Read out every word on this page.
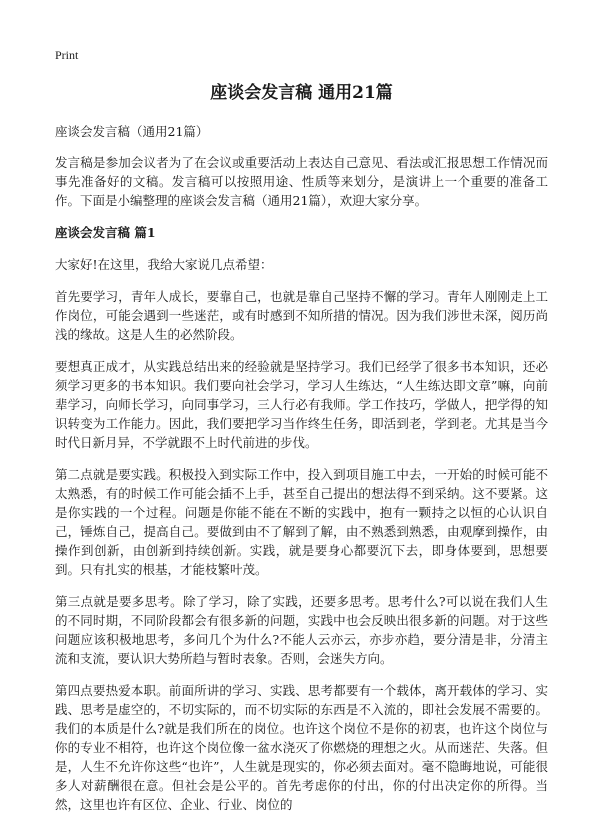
Print
座谈会发言稿 通用21篇

座谈会发言稿（通用21篇）

发言稿是参加会议者为了在会议或重要活动上表达自己意见、看法或汇报思想工作情况而事先准备好的文稿。发言稿可以按照用途、性质等来划分，是演讲上一个重要的准备工作。下面是小编整理的座谈会发言稿（通用21篇），欢迎大家分享。

座谈会发言稿 篇1

大家好!在这里，我给大家说几点希望：

首先要学习，青年人成长，要靠自己，也就是靠自己坚持不懈的学习。青年人刚刚走上工作岗位，可能会遇到一些迷茫，或有时感到不知所措的情况。因为我们涉世未深，阅历尚浅的缘故。这是人生的必然阶段。

要想真正成才，从实践总结出来的经验就是坚持学习。我们已经学了很多书本知识，还必须学习更多的书本知识。我们要向社会学习，学习人生练达，“人生练达即文章”嘛，向前辈学习，向师长学习，向同事学习，三人行必有我师。学工作技巧，学做人，把学得的知识转变为工作能力。因此，我们要把学习当作终生任务，即活到老，学到老。尤其是当今时代日新月异，不学就跟不上时代前进的步伐。

第二点就是要实践。积极投入到实际工作中，投入到项目施工中去，一开始的时候可能不太熟悉，有的时候工作可能会插不上手，甚至自己提出的想法得不到采纳。这不要紧。这是你实践的一个过程。问题是你能不能在不断的实践中，抱有一颗持之以恒的心认识自己，锤炼自己，提高自己。要做到由不了解到了解，由不熟悉到熟悉，由观摩到操作，由操作到创新，由创新到持续创新。实践，就是要身心都要沉下去，即身体要到，思想要到。只有扎实的根基，才能枝繁叶茂。

第三点就是要多思考。除了学习，除了实践，还要多思考。思考什么?可以说在我们人生的不同时期，不同阶段都会有很多新的问题，实践中也会反映出很多新的问题。对于这些问题应该积极地思考，多问几个为什么?不能人云亦云，亦步亦趋，要分清是非，分清主流和支流，要认识大势所趋与暂时表象。否则，会迷失方向。

第四点要热爱本职。前面所讲的学习、实践、思考都要有一个载体，离开载体的学习、实践、思考是虚空的，不切实际的，而不切实际的东西是不入流的，即社会发展不需要的。我们的本质是什么?就是我们所在的岗位。也许这个岗位不是你的初衷，也许这个岗位与你的专业不相符，也许这个岗位像一盆水浇灭了你燃烧的理想之火。从而迷茫、失落。但是，人生不允许你这些“也许”，人生就是现实的，你必须去面对。毫不隐晦地说，可能很多人对薪酬很在意。但社会是公平的。首先考虑你的付出，你的付出决定你的所得。当然，这里也许有区位、企业、行业、岗位的
